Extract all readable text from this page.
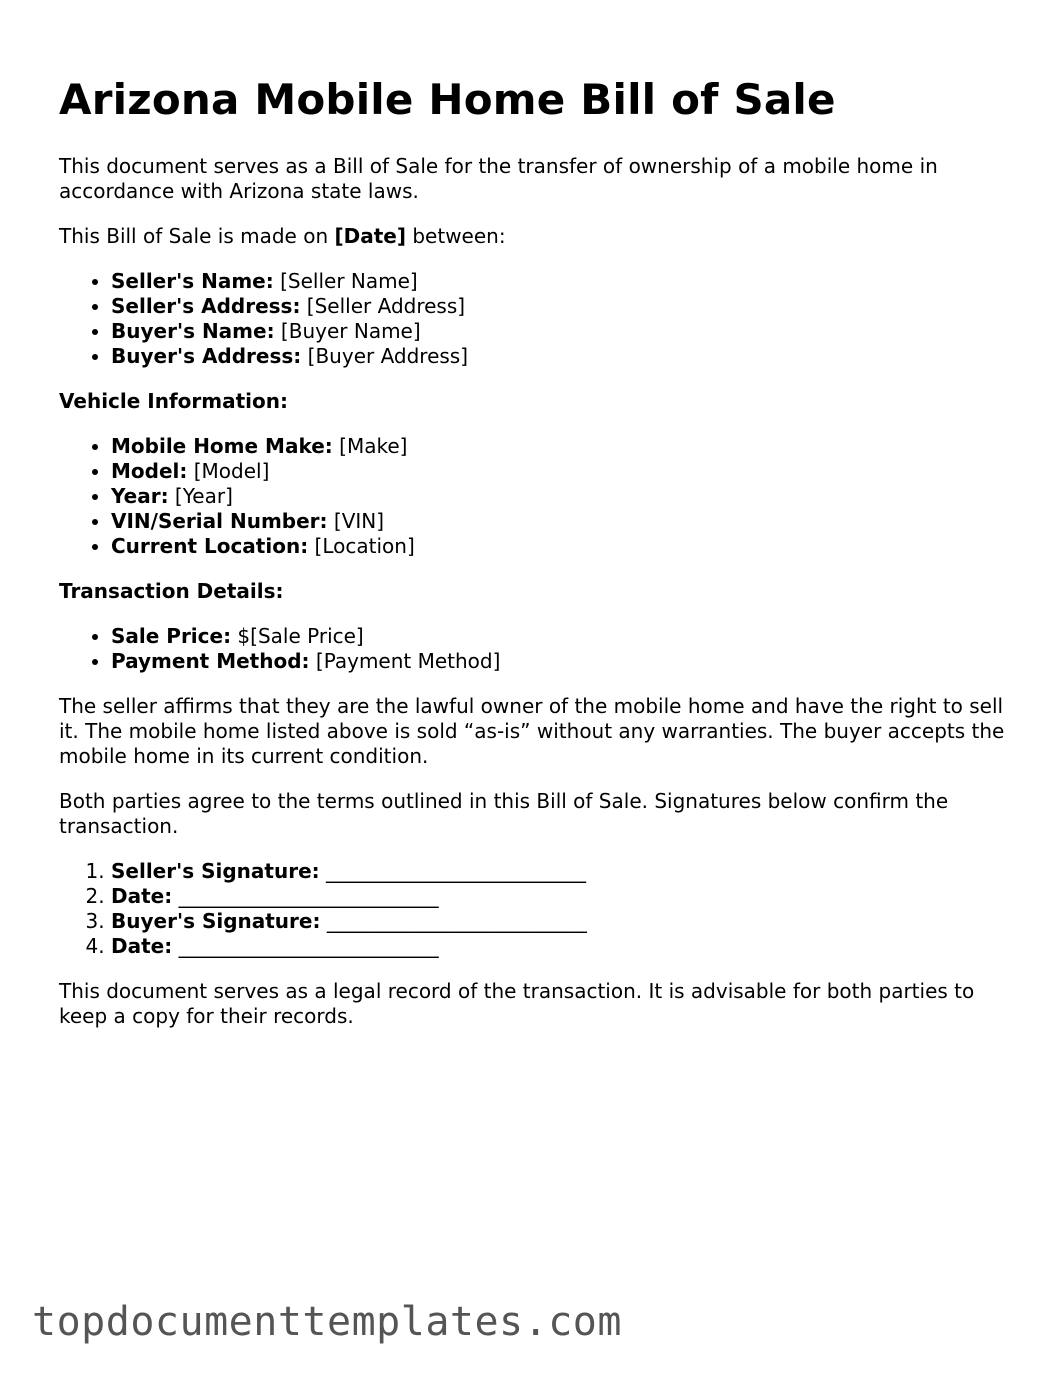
Arizona Mobile Home Bill of Sale

This document serves as a Bill of Sale for the transfer of ownership of a mobile home in accordance with Arizona state laws.

This Bill of Sale is made on [Date] between:

• Seller's Name: [Seller Name]
• Seller's Address: [Seller Address]
• Buyer's Name: [Buyer Name]
• Buyer's Address: [Buyer Address]

Vehicle Information:

• Mobile Home Make: [Make]
• Model: [Model]
• Year: [Year]
• VIN/Serial Number: [VIN]
• Current Location: [Location]

Transaction Details:

• Sale Price: $[Sale Price]
• Payment Method: [Payment Method]

The seller affirms that they are the lawful owner of the mobile home and have the right to sell it. The mobile home listed above is sold “as-is” without any warranties. The buyer accepts the mobile home in its current condition.

Both parties agree to the terms outlined in this Bill of Sale. Signatures below confirm the transaction.

1. Seller's Signature: __________________________
2. Date: __________________________
3. Buyer's Signature: __________________________
4. Date: __________________________

This document serves as a legal record of the transaction. It is advisable for both parties to keep a copy for their records.

topdocumenttemplates.com
